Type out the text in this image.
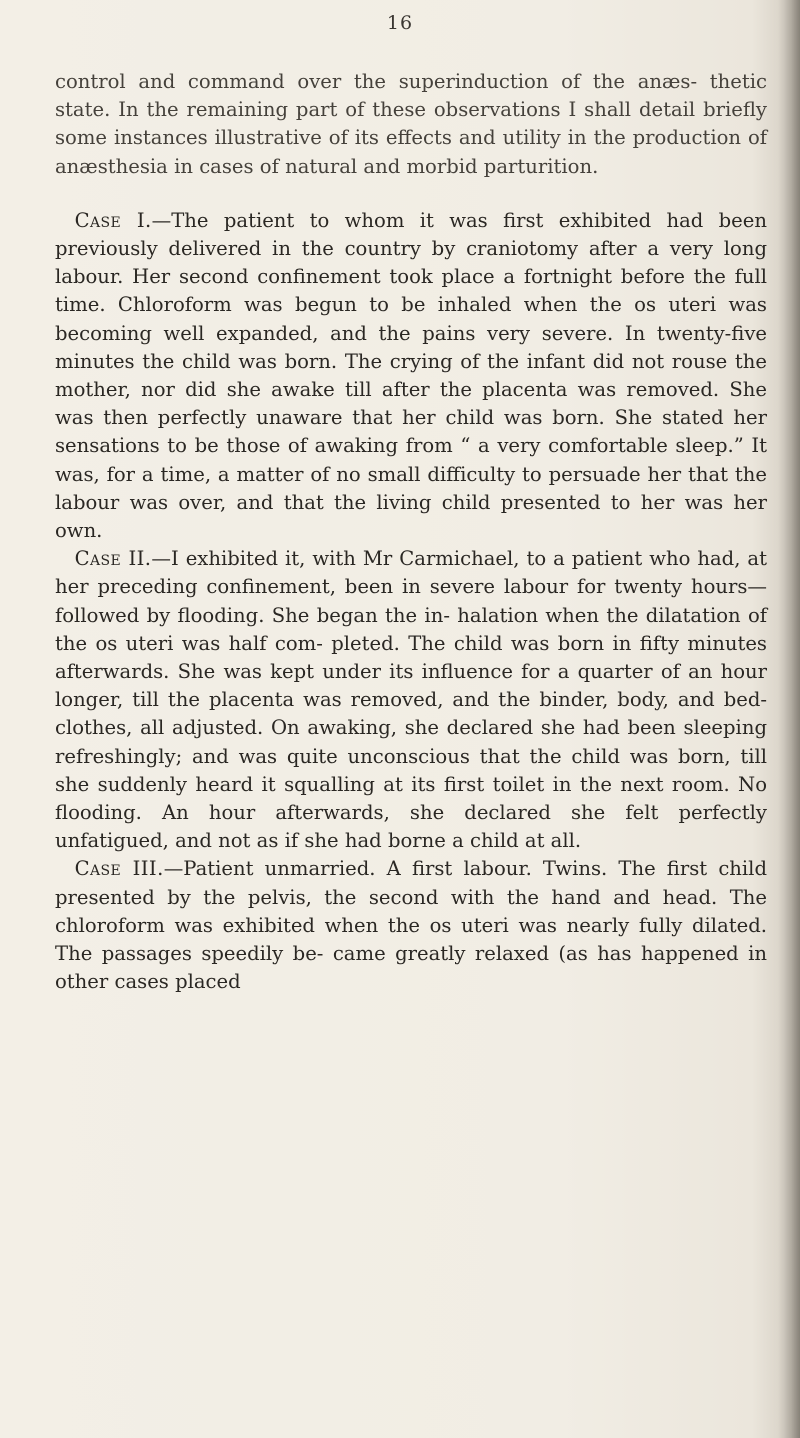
16

control and command over the superinduction of the anæs- thetic state. In the remaining part of these observations I shall detail briefly some instances illustrative of its effects and utility in the production of anæsthesia in cases of natural and morbid parturition.

 Case I.—The patient to whom it was first exhibited had been previously delivered in the country by craniotomy after a very long labour. Her second confinement took place a fortnight before the full time. Chloroform was begun to be inhaled when the os uteri was becoming well expanded, and the pains very severe. In twenty-five minutes the child was born. The crying of the infant did not rouse the mother, nor did she awake till after the placenta was removed. She was then perfectly unaware that her child was born. She stated her sensations to be those of awaking from “ a very comfortable sleep.” It was, for a time, a matter of no small difficulty to persuade her that the labour was over, and that the living child presented to her was her own.

 Case II.—I exhibited it, with Mr Carmichael, to a patient who had, at her preceding confinement, been in severe labour for twenty hours—followed by flooding. She began the in- halation when the dilatation of the os uteri was half com- pleted. The child was born in fifty minutes afterwards. She was kept under its influence for a quarter of an hour longer, till the placenta was removed, and the binder, body, and bed-clothes, all adjusted. On awaking, she declared she had been sleeping refreshingly; and was quite unconscious that the child was born, till she suddenly heard it squalling at its first toilet in the next room. No flooding. An hour afterwards, she declared she felt perfectly unfatigued, and not as if she had borne a child at all.

 Case III.—Patient unmarried. A first labour. Twins. The first child presented by the pelvis, the second with the hand and head. The chloroform was exhibited when the os uteri was nearly fully dilated. The passages speedily be- came greatly relaxed (as has happened in other cases placed
